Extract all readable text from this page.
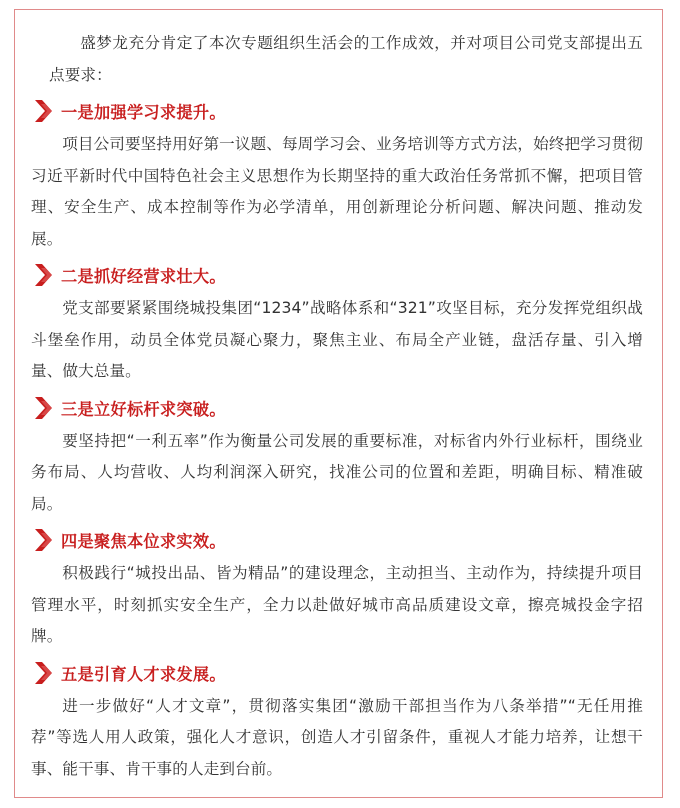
盛梦龙充分肯定了本次专题组织生活会的工作成效，并对项目公司党支部提出五点要求：

一是加强学习求提升。

项目公司要坚持用好第一议题、每周学习会、业务培训等方式方法，始终把学习贯彻习近平新时代中国特色社会主义思想作为长期坚持的重大政治任务常抓不懈，把项目管理、安全生产、成本控制等作为必学清单，用创新理论分析问题、解决问题、推动发展。

二是抓好经营求壮大。

党支部要紧紧围绕城投集团“1234”战略体系和“321”攻坚目标，充分发挥党组织战斗堡垒作用，动员全体党员凝心聚力，聚焦主业、布局全产业链，盘活存量、引入增量、做大总量。

三是立好标杆求突破。

要坚持把“一利五率”作为衡量公司发展的重要标准，对标省内外行业标杆，围绕业务布局、人均营收、人均利润深入研究，找准公司的位置和差距，明确目标、精准破局。

四是聚焦本位求实效。

积极践行“城投出品、皆为精品”的建设理念，主动担当、主动作为，持续提升项目管理水平，时刻抓实安全生产，全力以赴做好城市高品质建设文章，擦亮城投金字招牌。

五是引育人才求发展。

进一步做好“人才文章”，贯彻落实集团“激励干部担当作为八条举措”“无任用推荐”等选人用人政策，强化人才意识，创造人才引留条件，重视人才能力培养，让想干事、能干事、肯干事的人走到台前。
